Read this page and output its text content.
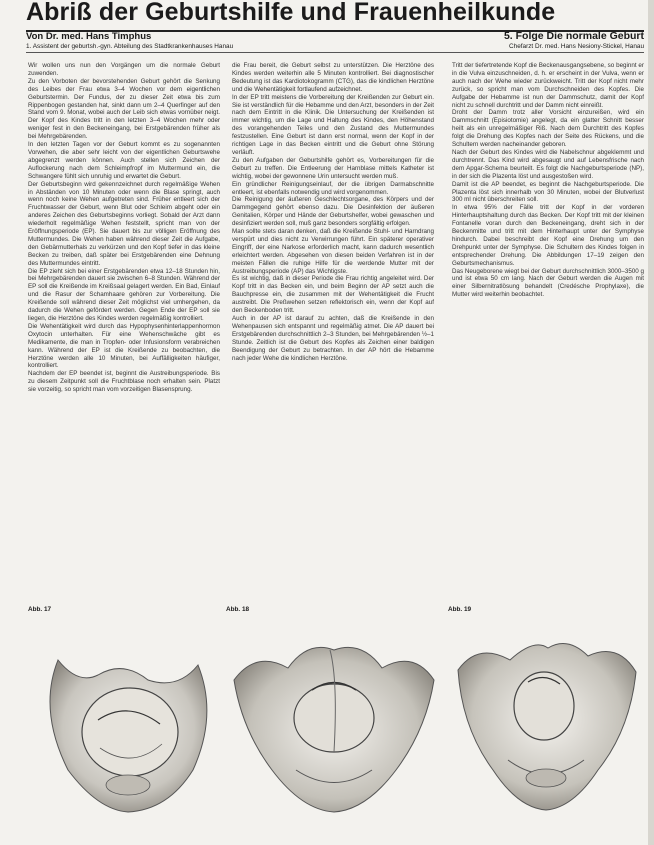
Abriß der Geburtshilfe und Frauenheilkunde
Von Dr. med. Hans Timphus	5. Folge Die normale Geburt
1. Assistent der geburtsh.-gyn. Abteilung des Stadtkrankenhauses Hanau	Chefarzt Dr. med. Hans Nesiony-Stickel, Hanau

Wir wollen uns nun den Vorgängen um die normale Geburt zuwenden.

Zu den Vorboten der bevorstehenden Geburt gehört die Senkung des Leibes der Frau etwa 3–4 Wochen vor dem eigentlichen Geburtstermin. Der Fundus, der zu dieser Zeit etwa bis zum Rippenbogen gestanden hat, sinkt dann um 2–4 Querfinger auf den Stand vom 9. Monat, wobei auch der Leib sich etwas vornüber neigt. Der Kopf des Kindes tritt in den letzten 3–4 Wochen mehr oder weniger fest in den Beckeneingang, bei Erstgebärenden früher als bei Mehrgebärenden.

In den letzten Tagen vor der Geburt kommt es zu sogenannten Vorwehen, die aber sehr leicht von der eigentlichen Geburtswehe abgegrenzt werden können. Auch stellen sich Zeichen der Auflockerung nach dem Schleimpfropf im Muttermund ein, die Schwangere fühlt sich unruhig und erwartet die Geburt.

Der Geburtsbeginn wird gekennzeichnet durch regelmäßige Wehen in Abständen von 10 Minuten oder wenn die Blase springt, auch wenn noch keine Wehen aufgetreten sind. Früher entleert sich der Fruchtwasser der Geburt, wenn Blut oder Schleim abgeht oder ein anderes Zeichen des Geburtsbeginns vorliegt. Sobald der Arzt dann wiederholt regelmäßige Wehen feststellt, spricht man von der Eröffnungsperiode (EP). Sie dauert bis zur völligen Eröffnung des Muttermundes. Die Wehen haben während dieser Zeit die Aufgabe, den Gebärmutterhals zu verkürzen und den Kopf tiefer in das kleine Becken zu treiben, daß später bei Erstgebärenden eine Dehnung des Muttermundes eintritt.

Die EP zieht sich bei einer Erstgebärenden etwa 12–18 Stunden hin, bei Mehrgebärenden dauert sie zwischen 6–8 Stunden. Während der EP soll die Kreißende im Kreißsaal gelagert werden. Ein Bad, Einlauf und die Rasur der Schamhaare gehören zur Vorbereitung. Die Kreißende soll während dieser Zeit möglichst viel umhergehen, da dadurch die Wehen gefördert werden. Gegen Ende der EP soll sie liegen, die Herztöne des Kindes werden regelmäßig kontrolliert.

Die Wehentätigkeit wird durch das Hypophysenhinterlappenhormon Oxytocin unterhalten. Für eine Wehenschwäche gibt es Medikamente, die man in Tropfen- oder Infusionsform verabreichen kann. Während der EP ist die Kreißende zu beobachten, die Herztöne werden alle 10 Minuten, bei Auffälligkeiten häufiger, kontrolliert.

Nachdem der EP beendet ist, beginnt die Austreibungsperiode. Bis zu diesem Zeitpunkt soll die Fruchtblase noch erhalten sein. Platzt sie vorzeitig, so spricht man vom vorzeitigen Blasensprung.

die Frau bereit, die Geburt selbst zu unterstützen. Die Herztöne des Kindes werden weiterhin alle 5 Minuten kontrolliert. Bei diagnostischer Bedeutung ist das Kardiotokogramm (CTG), das die kindlichen Herztöne und die Wehentätigkeit fortlaufend aufzeichnet.

In der EP tritt meistens die Vorbereitung der Kreißenden zur Geburt ein. Sie ist verständlich für die Hebamme und den Arzt, besonders in der Zeit nach dem Eintritt in die Klinik. Die Untersuchung der Kreißenden ist immer wichtig, um die Lage und Haltung des Kindes, den Höhenstand des vorangehenden Teiles und den Zustand des Muttermundes festzustellen. Eine Geburt ist dann erst normal, wenn der Kopf in der richtigen Lage in das Becken eintritt und die Geburt ohne Störung verläuft.

Zu den Aufgaben der Geburtshilfe gehört es, Vorbereitungen für die Geburt zu treffen. Die Entleerung der Harnblase mittels Katheter ist wichtig, wobei der gewonnene Urin untersucht werden muß.

Ein gründlicher Reinigungseinlauf, der die übrigen Darmabschnitte entleert, ist ebenfalls notwendig und wird vorgenommen.

Die Reinigung der äußeren Geschlechtsorgane, des Körpers und der Dammgegend gehört ebenso dazu. Die Desinfektion der äußeren Genitalien, Körper und Hände der Geburtshelfer, wobei gewaschen und desinfiziert werden soll, muß ganz besonders sorgfältig erfolgen.

Man sollte stets daran denken, daß die Kreißende Stuhl- und Harndrang verspürt und dies nicht zu Verwirrungen führt. Ein späterer operativer Eingriff, der eine Narkose erforderlich macht, kann dadurch wesentlich erleichtert werden. Abgesehen von diesen beiden Verfahren ist in der meisten Fällen die ruhige Hilfe für die werdende Mutter mit der Austreibungsperiode (AP) das Wichtigste.

Es ist wichtig, daß in dieser Periode die Frau richtig angeleitet wird. Der Kopf tritt in das Becken ein, und beim Beginn der AP setzt auch die Bauchpresse ein, die zusammen mit der Wehentätigkeit die Frucht austreibt. Die Preßwehen setzen reflektorisch ein, wenn der Kopf auf den Beckenboden tritt.

Auch in der AP ist darauf zu achten, daß die Kreißende in den Wehenpausen sich entspannt und regelmäßig atmet. Die AP dauert bei Erstgebärenden durchschnittlich 2–3 Stunden, bei Mehrgebärenden ½–1 Stunde. Zeitlich ist die Geburt des Kopfes als Zeichen einer baldigen Beendigung der Geburt zu betrachten. In der AP hört die Hebamme nach jeder Wehe die kindlichen Herztöne.

Tritt der tiefertretende Kopf die Beckenausgangsebene, so beginnt er in die Vulva einzuschneiden, d. h. er erscheint in der Vulva, wenn er auch nach der Wehe wieder zurückweicht. Tritt der Kopf nicht mehr zurück, so spricht man vom Durchschneiden des Kopfes. Die Aufgabe der Hebamme ist nun der Dammschutz, damit der Kopf nicht zu schnell durchtritt und der Damm nicht einreißt.

Droht der Damm trotz aller Vorsicht einzureißen, wird ein Dammschnitt (Episiotomie) angelegt, da ein glatter Schnitt besser heilt als ein unregelmäßiger Riß. Nach dem Durchtritt des Kopfes folgt die Drehung des Kopfes nach der Seite des Rückens, und die Schultern werden nacheinander geboren.

Nach der Geburt des Kindes wird die Nabelschnur abgeklemmt und durchtrennt. Das Kind wird abgesaugt und auf Lebensfrische nach dem Apgar-Schema beurteilt. Es folgt die Nachgeburtsperiode (NP), in der sich die Plazenta löst und ausgestoßen wird.

Damit ist die AP beendet, es beginnt die Nachgeburtsperiode. Die Plazenta löst sich innerhalb von 30 Minuten, wobei der Blutverlust 300 ml nicht überschreiten soll.

In etwa 95% der Fälle tritt der Kopf in der vorderen Hinterhauptshaltung durch das Becken. Der Kopf tritt mit der kleinen Fontanelle voran durch den Beckeneingang, dreht sich in der Beckenmitte und tritt mit dem Hinterhaupt unter der Symphyse hindurch. Dabei beschreibt der Kopf eine Drehung um den Drehpunkt unter der Symphyse. Die Schultern des Kindes folgen in entsprechender Drehung. Die Abbildungen 17–19 zeigen den Geburtsmechanismus.

Das Neugeborene wiegt bei der Geburt durchschnittlich 3000–3500 g und ist etwa 50 cm lang. Nach der Geburt werden die Augen mit einer Silbernitratlösung behandelt (Credésche Prophylaxe), die Mutter wird weiterhin beobachtet.

Abb. 17	Abb. 18	Abb. 19
